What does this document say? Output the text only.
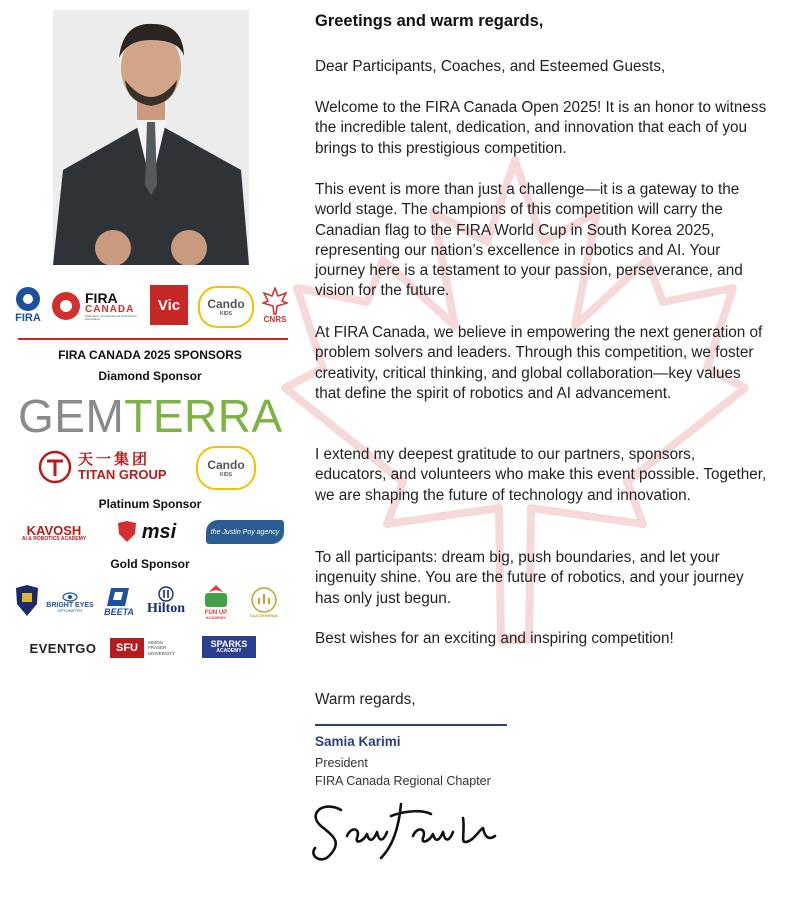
FIRA
FIRA
CANADA
Federation of International RoboSports Association
Vic	Cando
KIDS
CNRS
FIRA CANADA 2025 SPONSORS
Diamond Sponsor
GEMTERRA
天一集团
TITAN GROUP
Cando
KIDS
Platinum Sponsor
KAVOSH
AI & ROBOTICS ACADEMY	msi	the Justin Poy agency
Gold Sponsor
BRIGHT EYES
OPTOMETRY BEETA Hilton	FUN UP
ACADEMY	SAA GENERAL
EVENTGO	SFU	SIMON FRASER UNIVERSITY
SPARKS
ACADEMY
Greetings and warm regards,

Dear Participants, Coaches, and Esteemed Guests,

Welcome to the FIRA Canada Open 2025! It is an honor to witness the incredible talent, dedication, and innovation that each of you brings to this prestigious competition.

This event is more than just a challenge—it is a gateway to the world stage. The champions of this competition will carry the Canadian flag to the FIRA World Cup in South Korea 2025, representing our nation’s excellence in robotics and AI. Your journey here is a testament to your passion, perseverance, and vision for the future.

At FIRA Canada, we believe in empowering the next generation of problem solvers and leaders. Through this competition, we foster creativity, critical thinking, and global collaboration—key values that define the spirit of robotics and AI advancement.

I extend my deepest gratitude to our partners, sponsors, educators, and volunteers who make this event possible. Together, we are shaping the future of technology and innovation.

To all participants: dream big, push boundaries, and let your ingenuity shine. You are the future of robotics, and your journey has only just begun.

Best wishes for an exciting and inspiring competition!

Warm regards,
Samia Karimi
President
FIRA Canada Regional Chapter
